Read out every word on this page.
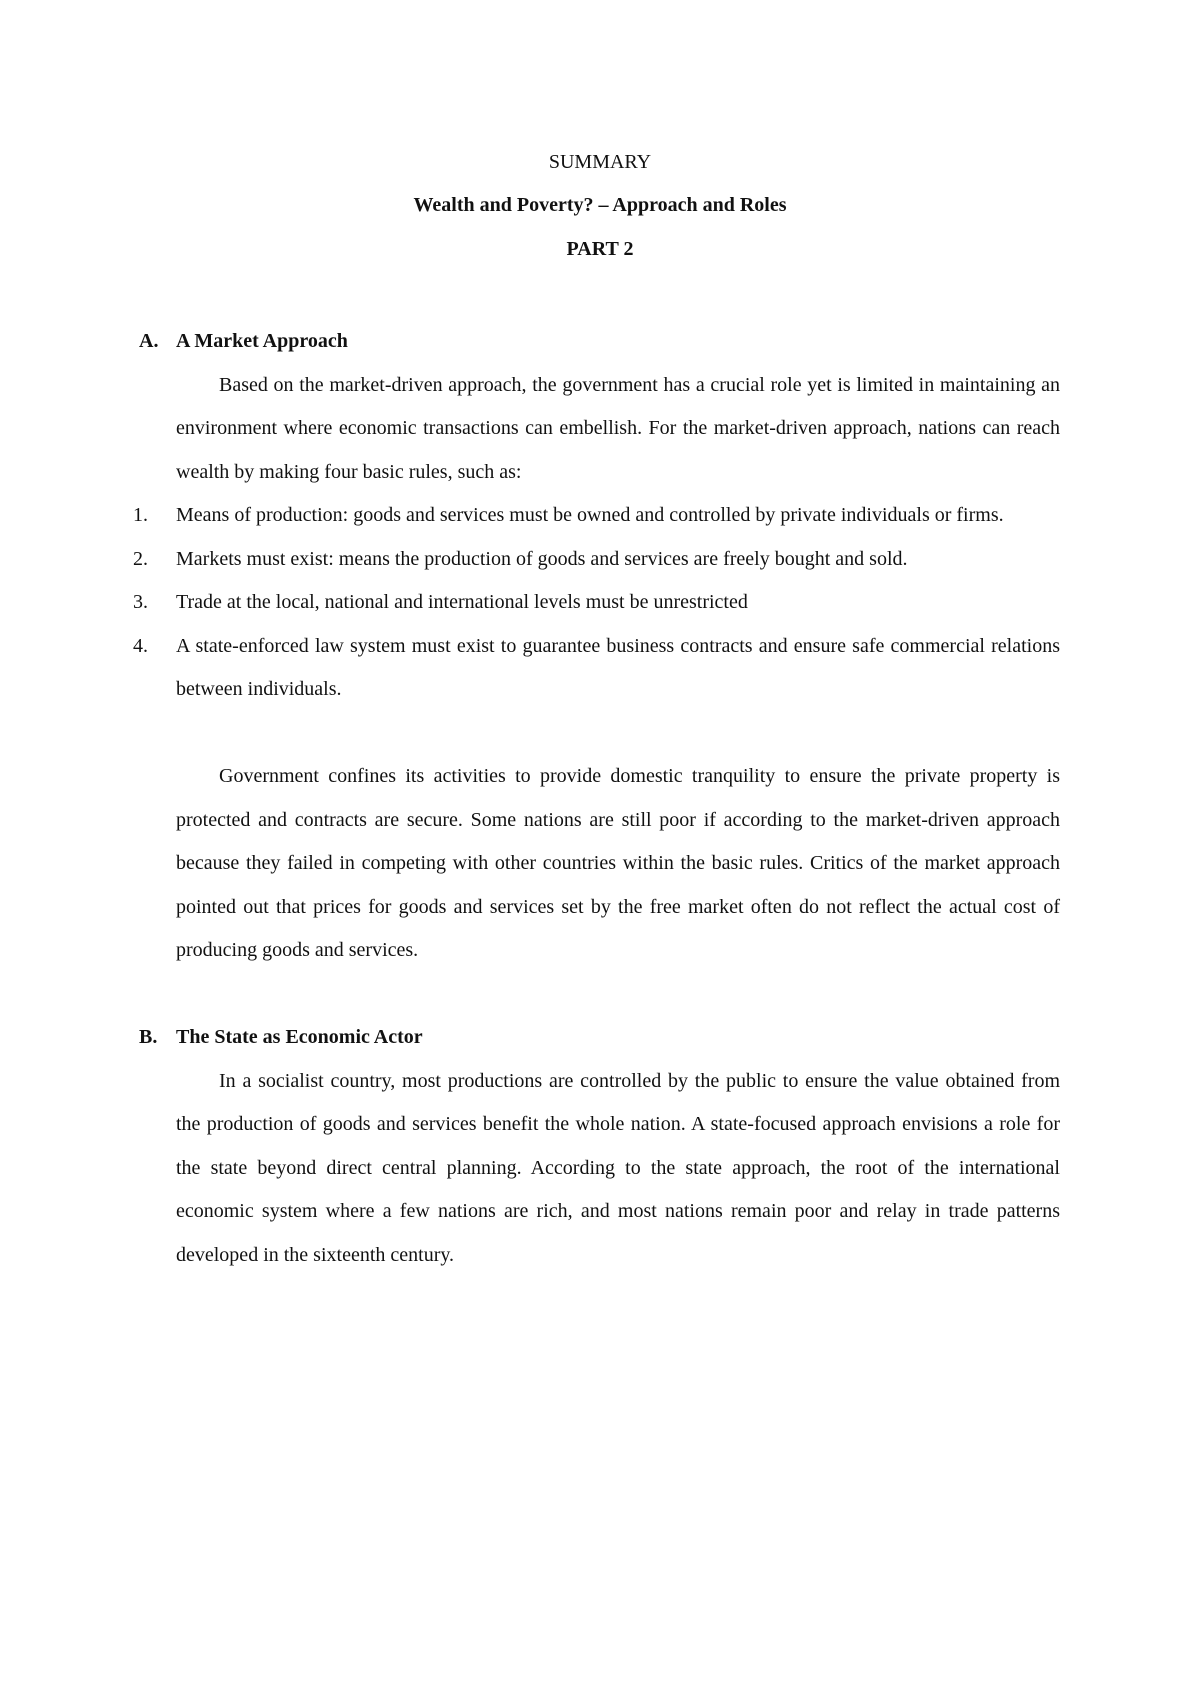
SUMMARY
Wealth and Poverty? – Approach and Roles
PART 2
A. A Market Approach

Based on the market-driven approach, the government has a crucial role yet is limited in maintaining an environment where economic transactions can embellish. For the market-driven approach, nations can reach wealth by making four basic rules, such as:

1.	Means of production: goods and services must be owned and controlled by private individuals or firms.
2.	Markets must exist: means the production of goods and services are freely bought and sold.
3.	Trade at the local, national and international levels must be unrestricted
4.	A state-enforced law system must exist to guarantee business contracts and ensure safe commercial relations between individuals.

Government confines its activities to provide domestic tranquility to ensure the private property is protected and contracts are secure. Some nations are still poor if according to the market-driven approach because they failed in competing with other countries within the basic rules. Critics of the market approach pointed out that prices for goods and services set by the free market often do not reflect the actual cost of producing goods and services.

B. The State as Economic Actor

In a socialist country, most productions are controlled by the public to ensure the value obtained from the production of goods and services benefit the whole nation. A state-focused approach envisions a role for the state beyond direct central planning. According to the state approach, the root of the international economic system where a few nations are rich, and most nations remain poor and relay in trade patterns developed in the sixteenth century.
